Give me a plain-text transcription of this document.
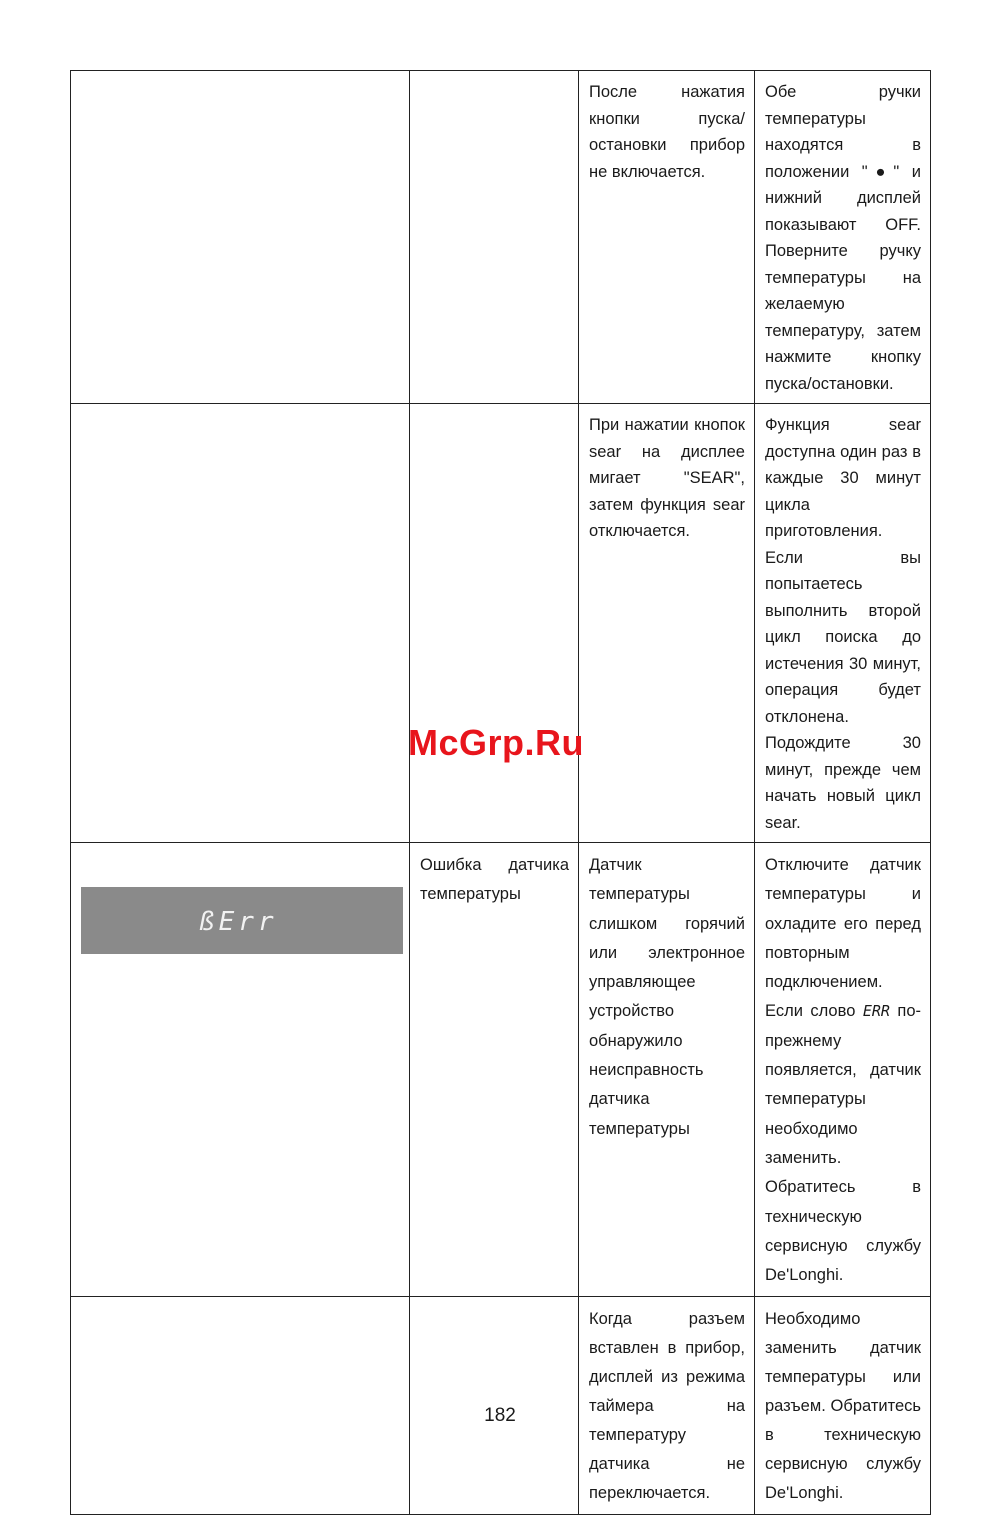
		После нажатия кнопки пуска/ остановки прибор не включается.	Обе ручки температуры находятся в положении "●" и нижний дисплей показывают OFF. Поверните ручку температуры на желаемую температуру, затем нажмите кнопку пуска/остановки.

		При нажатии кнопок sear на дисплее мигает "SEAR", затем функция sear отключается.	Функция sear доступна один раз в каждые 30 минут цикла приготовления. Если вы попытаетесь выполнить второй цикл поиска до истечения 30 минут, операция будет отклонена. Подождите 30 минут, прежде чем начать новый цикл sear.

ßErr	Ошибка датчика температуры	Датчик температуры слишком горячий или электронное управляющее устройство обнаружило неисправность датчика температуры	Отключите датчик температуры и охладите его перед повторным подключением. Если слово ERR по-прежнему появляется, датчик температуры необходимо заменить. Обратитесь в техническую сервисную службу De'Longhi.

		Когда разъем вставлен в прибор, дисплей из режима таймера на температуру датчика не переключается.	Необходимо заменить датчик температуры или разъем. Обратитесь в техническую сервисную службу De'Longhi.
McGrp.Ru
182
